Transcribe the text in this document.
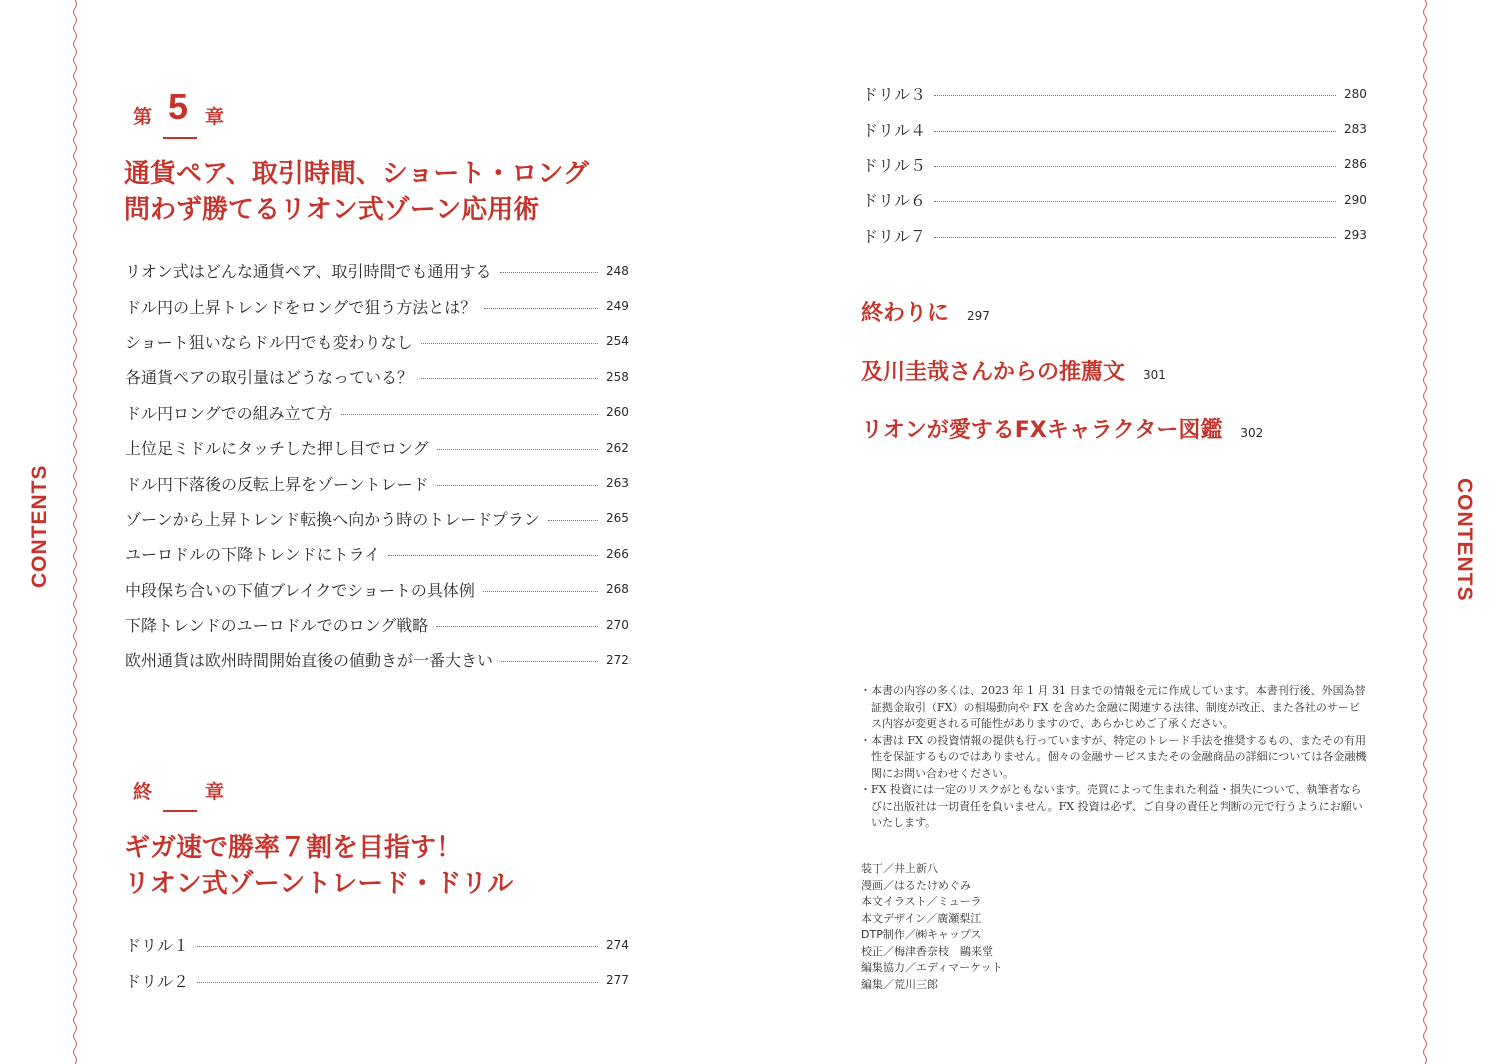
CONTENTS	CONTENTS
第 5 章
通貨ペア、取引時間、ショート・ロング
問わず勝てるリオン式ゾーン応用術
リオン式はどんな通貨ペア、取引時間でも通用する	248
ドル円の上昇トレンドをロングで狙う方法とは？	249
ショート狙いならドル円でも変わりなし	254
各通貨ペアの取引量はどうなっている？	258
ドル円ロングでの組み立て方	260
上位足ミドルにタッチした押し目でロング	262
ドル円下落後の反転上昇をゾーントレード	263
ゾーンから上昇トレンド転換へ向かう時のトレードプラン	265
ユーロドルの下降トレンドにトライ	266
中段保ち合いの下値ブレイクでショートの具体例	268
下降トレンドのユーロドルでのロング戦略	270
欧州通貨は欧州時間開始直後の値動きが一番大きい	272
終	章
ギガ速で勝率７割を目指す！
リオン式ゾーントレード・ドリル
ドリル１	274
ドリル２	277
ドリル３	280
ドリル４	283
ドリル５	286
ドリル６	290
ドリル７	293
終わりに 297
及川圭哉さんからの推薦文 301
リオンが愛するFXキャラクター図鑑 302
・本書の内容の多くは、2023 年 1 月 31 日までの情報を元に作成しています。本書刊行後、外国為替証拠金取引（FX）の相場動向や FX を含めた金融に関連する法律、制度が改正、また各社のサービス内容が変更される可能性がありますので、あらかじめご了承ください。
・本書は FX の投資情報の提供も行っていますが、特定のトレード手法を推奨するもの、またその有用性を保証するものではありません。個々の金融サービスまたその金融商品の詳細については各金融機関にお問い合わせください。
・FX 投資には一定のリスクがともないます。売買によって生まれた利益・損失について、執筆者ならびに出版社は一切責任を負いません。FX 投資は必ず、ご自身の責任と判断の元で行うようにお願いいたします。
装丁／井上新八
漫画／はるたけめぐみ
本文イラスト／ミューラ
本文デザイン／廣瀬梨江
DTP制作／㈱キャップス
校正／梅津香奈枝　鷗来堂
編集協力／エディマーケット
編集／荒川三郎
